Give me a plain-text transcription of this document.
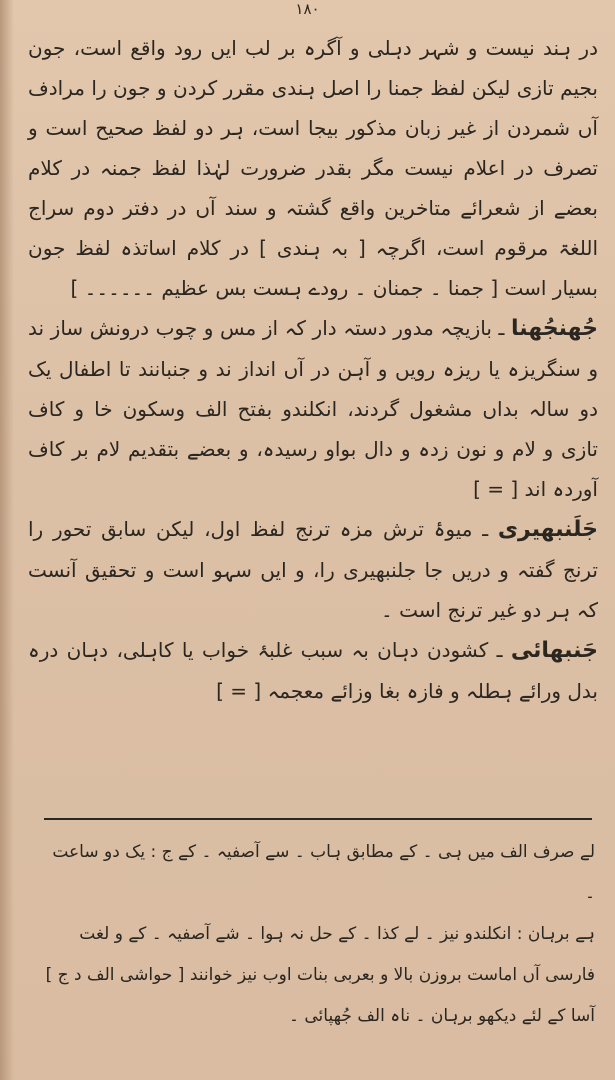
۱۸۰

در ہند نیست و شہر دہلی و آگرہ بر لب ایں رود واقع است، جون بجیم تازی لیکن لفظ جمنا را اصل ہندی مقرر کردن و جون را مرادف آں شمردن از غیر زبان مذکور بیجا است، ہر دو لفظ صحیح است و تصرف در اعلام نیست مگر بقدر ضرورت لہٰذا لفظ جمنہ در کلام بعضے از شعرائے متاخرین واقع گشتہ و سند آں در دفتر دوم سراج اللغۃ مرقوم است، اگرچہ [ بہ ہندی ] در کلام اساتذہ لفظ جون بسیار است [ جمنا ۔ جمنان ۔ رودے ہست بس عظیم ۔۔۔۔۔۔ ]

جُھنجُھنا ـ بازیچہ مدور دستہ دار کہ از مس و چوب درونش ساز ند و سنگریزہ یا ریزہ رویں و آہن در آں انداز ند و جنبانند تا اطفال یک دو سالہ بداں مشغول گردند، انکلندو بفتح الف وسکون خا و کاف تازی و لام و نون زدہ و دال بواو رسیدہ، و بعضے بتقدیم لام بر کاف آوردہ اند [ = ]

جَلَنبھیری ـ میوۂ ترش مزہ ترنج لفظ اول، لیکن سابق تحور را ترنج گفتہ و دریں جا جلنبھیری را، و ایں سہو است و تحقیق آنست کہ ہر دو غیر ترنج است ۔

جَنبھائی ـ کشودن دہان بہ سبب غلبۂ خواب یا کاہلی، دہان درہ بدل ورائے ہطلہ و فازہ بغا وزائے معجمہ [ = ]

لے صرف الف میں ہی ۔ کے مطابق ہاب ۔ سے آصفیہ ۔ کے ج : یک دو ساعت ۔

ہے برہان : انکلندو نیز ۔ لے کذا ۔ کے حل نہ ہوا ۔ شے آصفیہ ۔ کے و لغت

فارسی آں اماست بروزن بالا و بعربی بنات اوب نیز خوانند [ حواشی الف د ج ]

آسا کے لئے دیکھو برہان ۔ ناہ الف جُھپائی ۔
